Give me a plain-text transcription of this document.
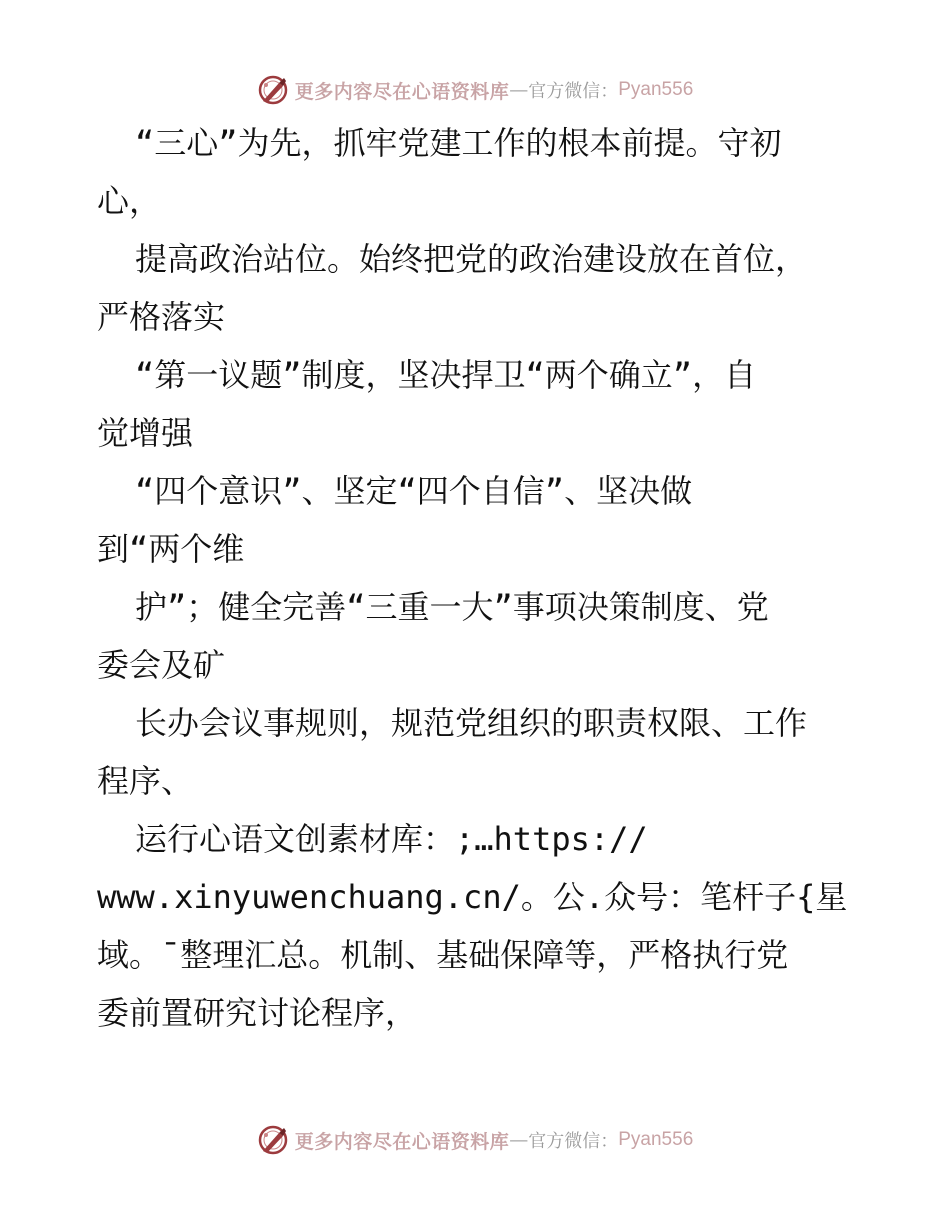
更多内容尽在心语资料库 — 官方微信： Pyan556
“三心”为先，抓牢党建工作的根本前提。守初
心，
提高政治站位。始终把党的政治建设放在首位，
严格落实
“第一议题”制度，坚决捍卫“两个确立”，自
觉增强
“四个意识”、坚定“四个自信”、坚决做
到“两个维
护”；健全完善“三重一大”事项决策制度、党
委会及矿
长办会议事规则，规范党组织的职责权限、工作
程序、
运行心语文创素材库：;…https://
www.xinyuwenchuang.cn/。公.众号：笔杆子{星
域。¯整理汇总。机制、基础保障等，严格执行党
委前置研究讨论程序，
更多内容尽在心语资料库 — 官方微信： Pyan556
